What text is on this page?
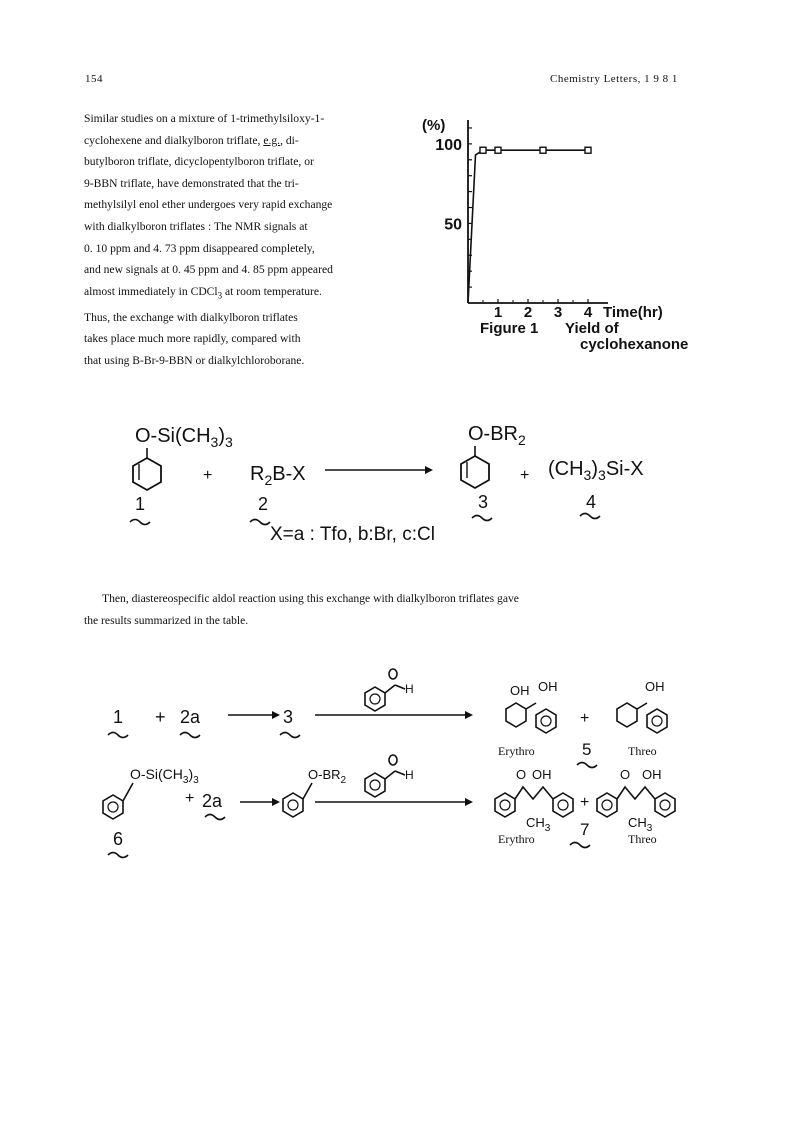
154	Chemistry Letters, 1 9 8 1
Similar studies on a mixture of 1-trimethylsiloxy-1-
cyclohexene and dialkylboron triflate, e.g., di-
butylboron triflate, dicyclopentylboron triflate, or
9-BBN triflate, have demonstrated that the tri-
methylsilyl enol ether undergoes very rapid exchange
with dialkylboron triflates : The NMR signals at
0. 10 ppm and 4. 73 ppm disappeared completely,
and new signals at 0. 45 ppm and 4. 85 ppm appeared
almost immediately in CDCl$_3$ at room temperature.
Thus, the exchange with dialkylboron triflates
takes place much more rapidly, compared with
that using B-Br-9-BBN or dialkylchloroborane.
50
100
1 2 3 4
(%)
Time(hr)
Figure 1 Yield of
cyclohexanone
$O-Si(CH_3)_3$
+ $R_2B-X$
$O-BR_2$
+ $(CH_3)_3Si-X$
1	2	3	4
X=a : Tfo, b:Br, c:Cl
Then, diastereospecific aldol reaction using this exchange with dialkylboron triflates gave
the results summarized in the table.
1 + 2a	3
H	OH OH
+
OH
Erythro	5	Threo
$O-Si(CH_3)_3$
+ 2a
$O-BR_2$	H	O OH
$CH_3$
+
O OH
$CH_3$
6	Erythro	7	Threo
